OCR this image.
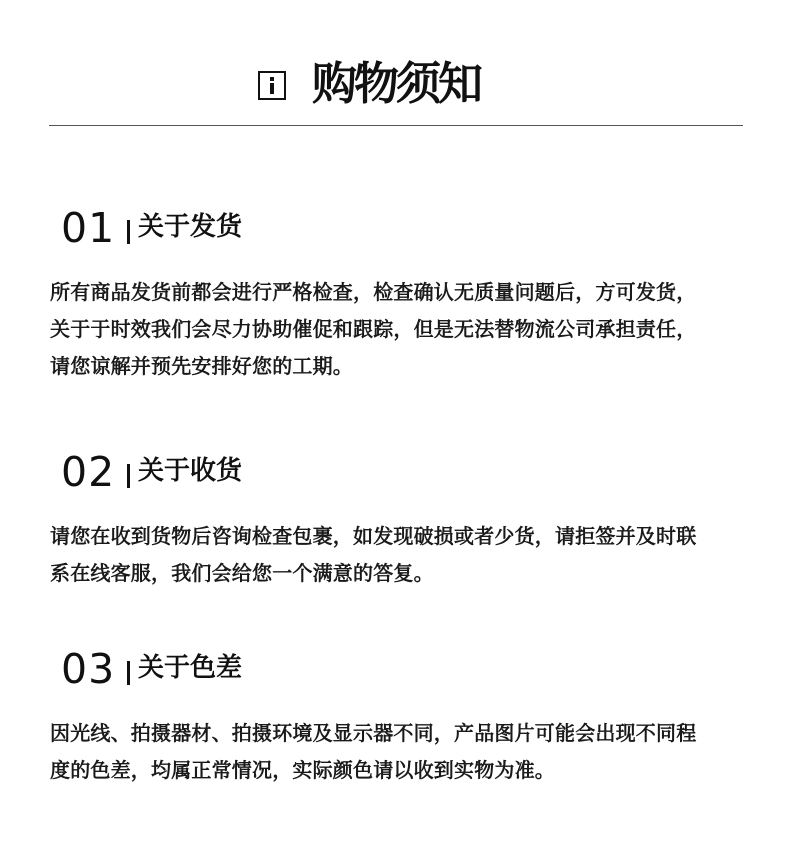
购物须知
01 关于发货

所有商品发货前都会进行严格检查，检查确认无质量问题后，方可发货，
关于于时效我们会尽力协助催促和跟踪，但是无法替物流公司承担责任，
请您谅解并预先安排好您的工期。

02 关于收货

请您在收到货物后咨询检查包裹，如发现破损或者少货，请拒签并及时联
系在线客服，我们会给您一个满意的答复。

03 关于色差

因光线、拍摄器材、拍摄环境及显示器不同，产品图片可能会出现不同程
度的色差，均属正常情况，实际颜色请以收到实物为准。
